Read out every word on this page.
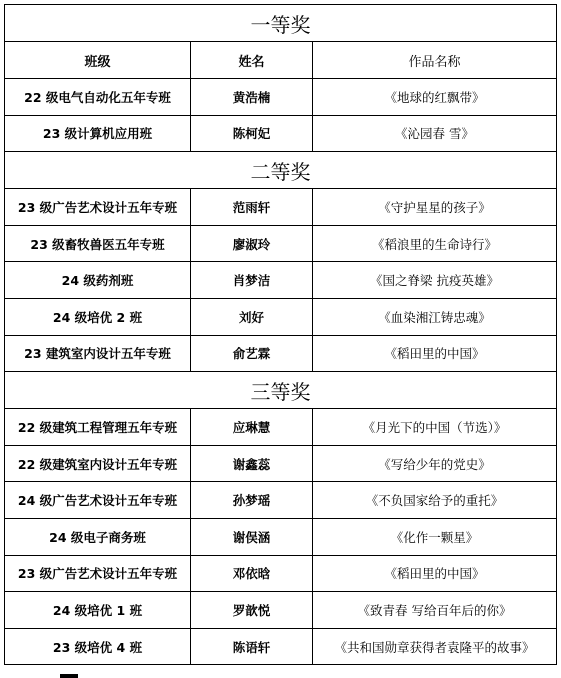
一等奖		
班级	姓名	作品名称
22 级电气自动化五年专班	黄浩楠	《地球的红飘带》
23 级计算机应用班	陈柯妃	《沁园春 雪》
二等奖		
23 级广告艺术设计五年专班	范雨轩	《守护星星的孩子》
23 级畜牧兽医五年专班	廖淑玲	《稻浪里的生命诗行》
24 级药剂班	肖梦洁	《国之脊梁 抗疫英雄》
24 级培优 2 班	刘好	《血染湘江铸忠魂》
23 建筑室内设计五年专班	俞艺霖	《稻田里的中国》
三等奖		
22 级建筑工程管理五年专班	应琳慧	《月光下的中国（节选）》
22 级建筑室内设计五年专班	谢鑫蕊	《写给少年的党史》
24 级广告艺术设计五年专班	孙梦瑶	《不负国家给予的重托》
24 级电子商务班	谢俣涵	《化作一颗星》
23 级广告艺术设计五年专班	邓依晗	《稻田里的中国》
24 级培优 1 班	罗歆悦	《致青春 写给百年后的你》
23 级培优 4 班	陈语轩	《共和国勋章获得者袁隆平的故事》
